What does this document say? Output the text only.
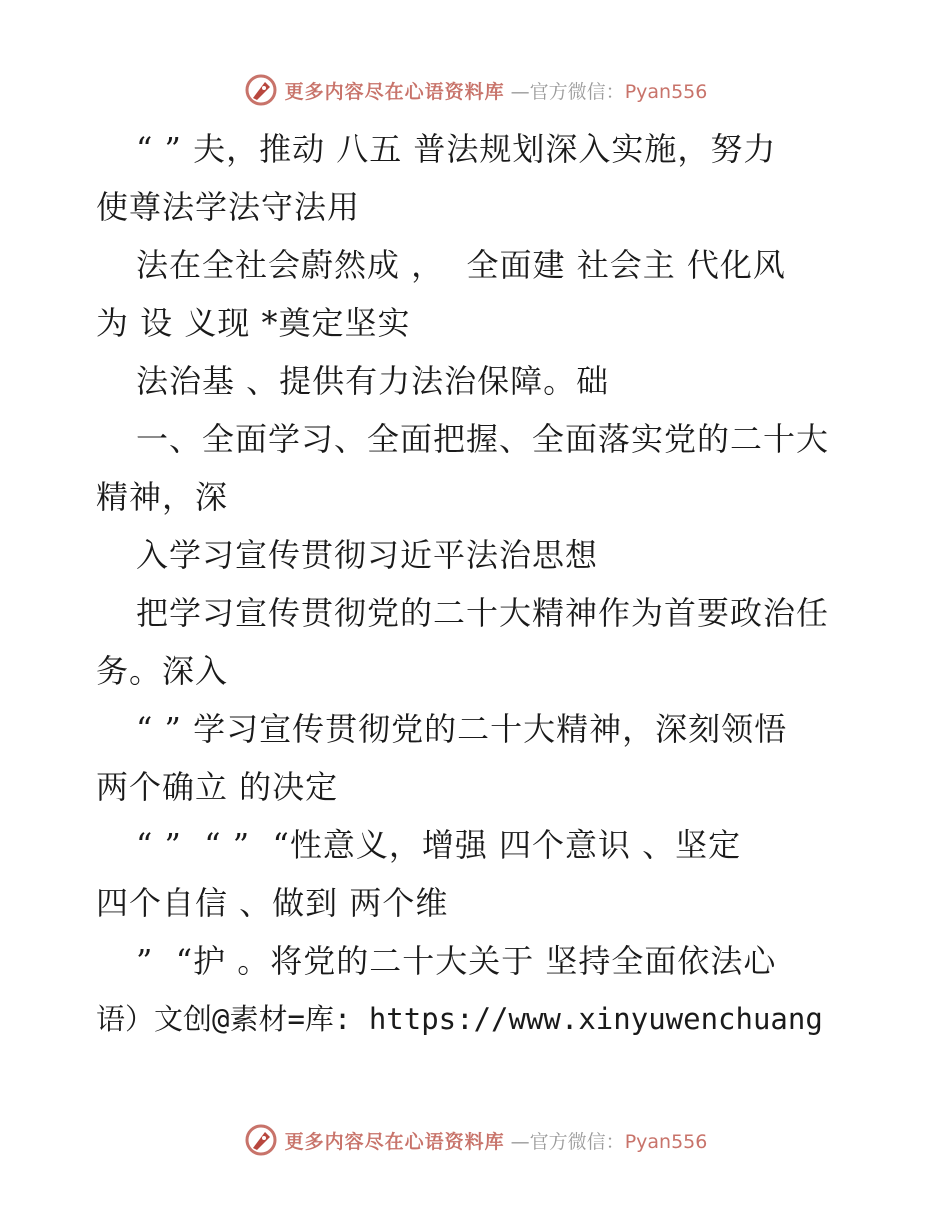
更多内容尽在心语资料库 —官方微信：Pyan556
“ ” 夫，推动 八五 普法规划深入实施，努力
使尊法学法守法用
法在全社会蔚然成 ，  全面建 社会主 代化风
为 设 义现 *奠定坚实
法治基 、提供有力法治保障。础
一、全面学习、全面把握、全面落实党的二十大
精神，深
入学习宣传贯彻习近平法治思想
把学习宣传贯彻党的二十大精神作为首要政治任
务。深入
“ ” 学习宣传贯彻党的二十大精神，深刻领悟
两个确立 的决定
“ ”  “ ”  “性意义，增强 四个意识 、坚定
四个自信 、做到 两个维
”  “护 。将党的二十大关于 坚持全面依法心
语）文创@素材=库: https://www.xinyuwenchuang
更多内容尽在心语资料库 —官方微信：Pyan556
